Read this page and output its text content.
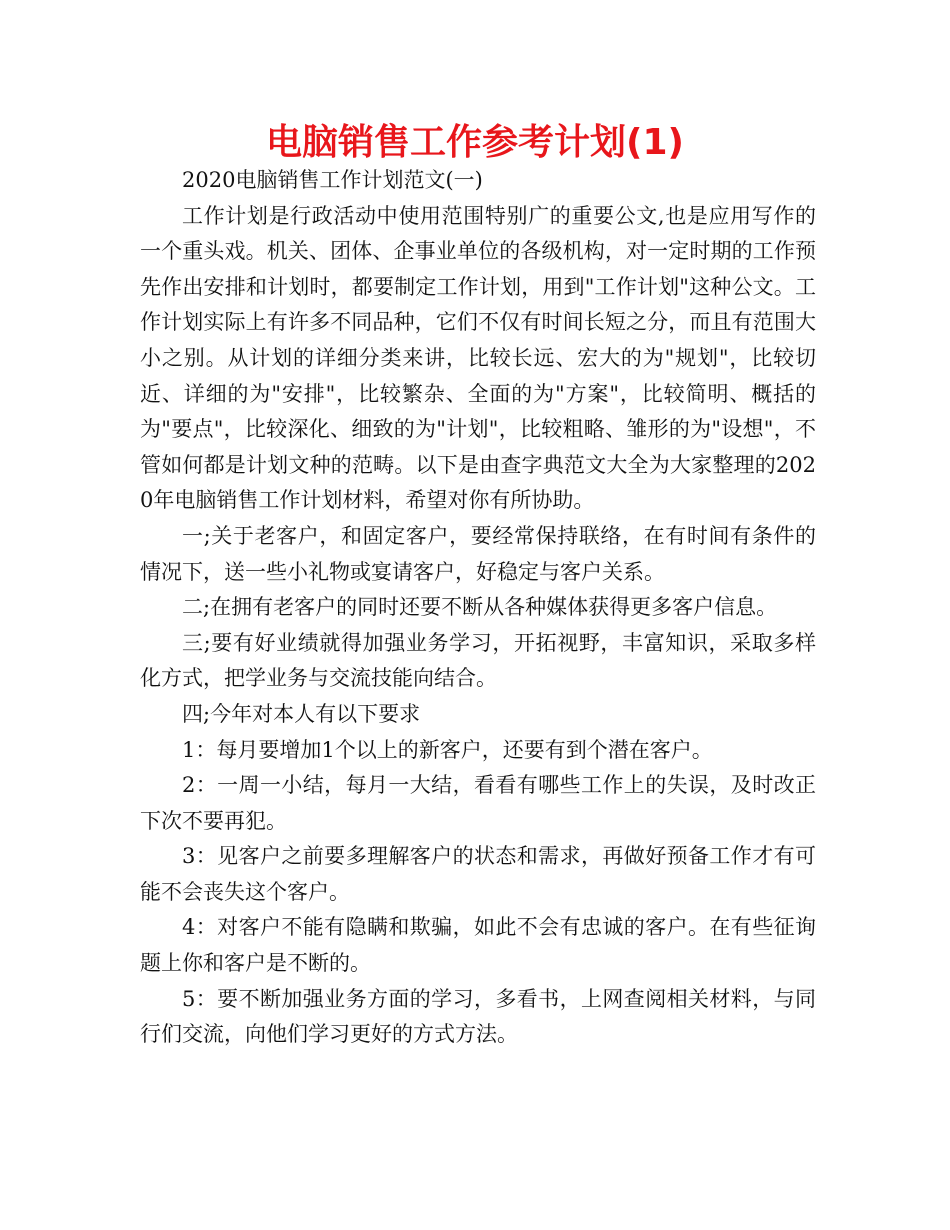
电脑销售工作参考计划(1)

2020电脑销售工作计划范文(一)

工作计划是行政活动中使用范围特别广的重要公文,也是应用写作的一个重头戏。机关、团体、企事业单位的各级机构，对一定时期的工作预先作出安排和计划时，都要制定工作计划，用到"工作计划"这种公文。工作计划实际上有许多不同品种，它们不仅有时间长短之分，而且有范围大小之别。从计划的详细分类来讲，比较长远、宏大的为"规划"，比较切近、详细的为"安排"，比较繁杂、全面的为"方案"，比较简明、概括的为"要点"，比较深化、细致的为"计划"，比较粗略、雏形的为"设想"，不管如何都是计划文种的范畴。以下是由查字典范文大全为大家整理的2020年电脑销售工作计划材料，希望对你有所协助。

一;关于老客户，和固定客户，要经常保持联络，在有时间有条件的情况下，送一些小礼物或宴请客户，好稳定与客户关系。

二;在拥有老客户的同时还要不断从各种媒体获得更多客户信息。

三;要有好业绩就得加强业务学习，开拓视野，丰富知识，采取多样化方式，把学业务与交流技能向结合。

四;今年对本人有以下要求

1：每月要增加1个以上的新客户，还要有到个潜在客户。

2：一周一小结，每月一大结，看看有哪些工作上的失误，及时改正下次不要再犯。

3：见客户之前要多理解客户的状态和需求，再做好预备工作才有可能不会丧失这个客户。

4：对客户不能有隐瞒和欺骗，如此不会有忠诚的客户。在有些征询题上你和客户是不断的。

5：要不断加强业务方面的学习，多看书，上网查阅相关材料，与同行们交流，向他们学习更好的方式方法。
